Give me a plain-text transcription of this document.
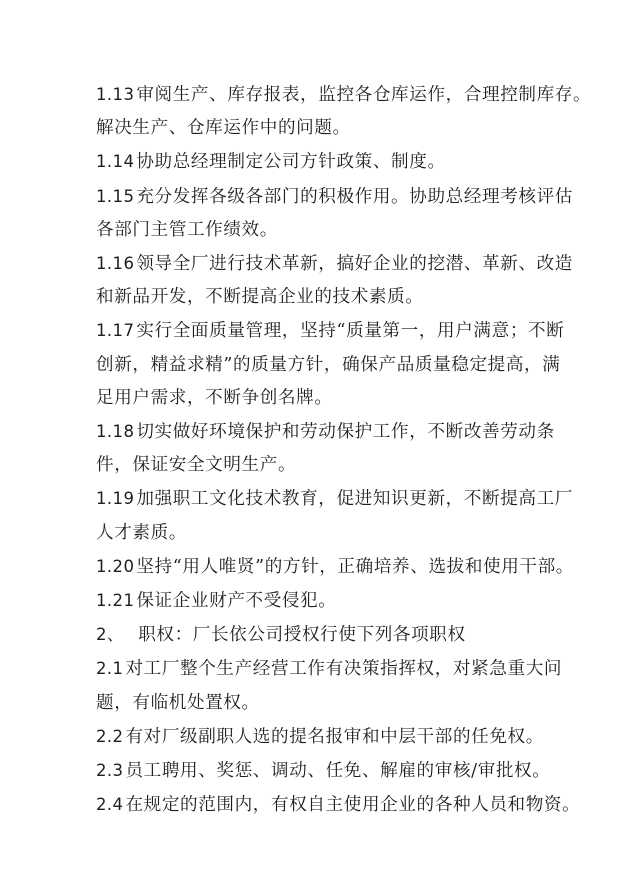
1.13 审阅生产、库存报表，监控各仓库运作，合理控制库存。
解决生产、仓库运作中的问题。

1.14 协助总经理制定公司方针政策、制度。

1.15 充分发挥各级各部门的积极作用。协助总经理考核评估
各部门主管工作绩效。

1.16 领导全厂进行技术革新，搞好企业的挖潜、革新、改造
和新品开发，不断提高企业的技术素质。

1.17 实行全面质量管理，坚持“质量第一，用户满意；不断
创新，精益求精”的质量方针，确保产品质量稳定提高，满
足用户需求，不断争创名牌。

1.18 切实做好环境保护和劳动保护工作，不断改善劳动条
件，保证安全文明生产。

1.19 加强职工文化技术教育，促进知识更新，不断提高工厂
人才素质。

1.20 坚持“用人唯贤”的方针，正确培养、选拔和使用干部。

1.21 保证企业财产不受侵犯。

2、  职权：厂长依公司授权行使下列各项职权

2.1 对工厂整个生产经营工作有决策指挥权，对紧急重大问
题，有临机处置权。

2.2 有对厂级副职人选的提名报审和中层干部的任免权。

2.3 员工聘用、奖惩、调动、任免、解雇的审核/审批权。

2.4 在规定的范围内，有权自主使用企业的各种人员和物资。
